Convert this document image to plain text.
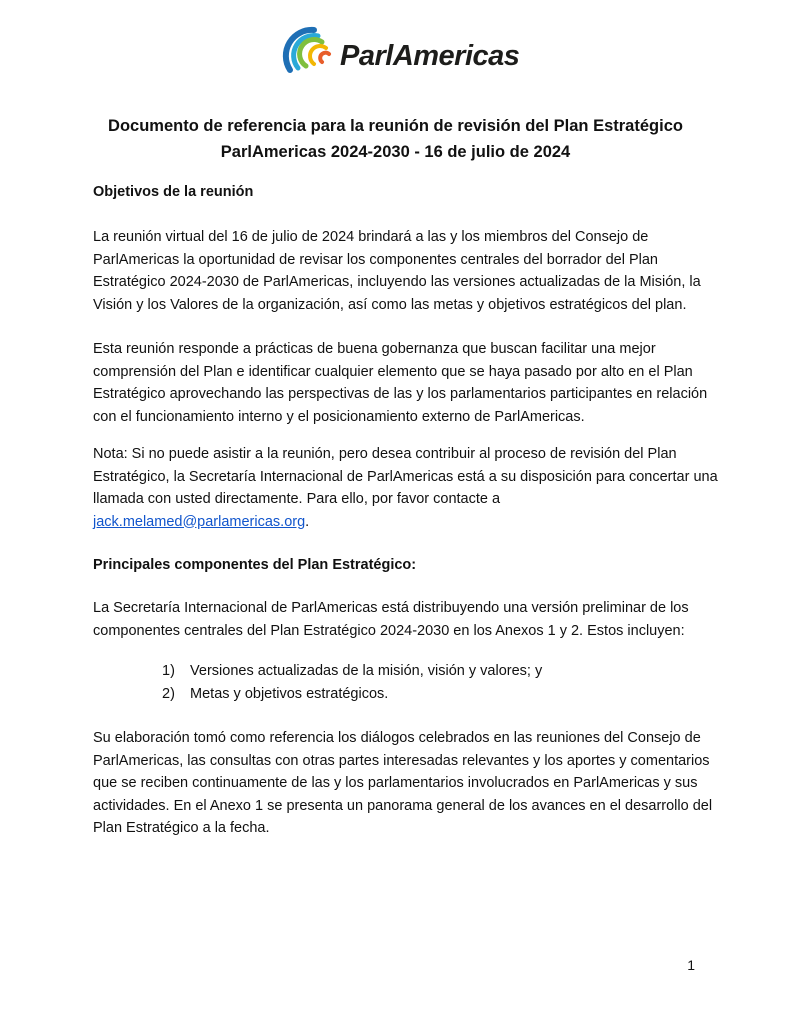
ParlAmericas
Documento de referencia para la reunión de revisión del Plan Estratégico
ParlAmericas 2024-2030 - 16 de julio de 2024
Objetivos de la reunión
La reunión virtual del 16 de julio de 2024 brindará a las y los miembros del Consejo de
ParlAmericas la oportunidad de revisar los componentes centrales del borrador del Plan
Estratégico 2024-2030 de ParlAmericas, incluyendo las versiones actualizadas de la Misión, la
Visión y los Valores de la organización, así como las metas y objetivos estratégicos del plan.
Esta reunión responde a prácticas de buena gobernanza que buscan facilitar una mejor
comprensión del Plan e identificar cualquier elemento que se haya pasado por alto en el Plan
Estratégico aprovechando las perspectivas de las y los parlamentarios participantes en relación
con el funcionamiento interno y el posicionamiento externo de ParlAmericas.
Nota: Si no puede asistir a la reunión, pero desea contribuir al proceso de revisión del Plan
Estratégico, la Secretaría Internacional de ParlAmericas está a su disposición para concertar una
llamada con usted directamente. Para ello, por favor contacte a
jack.melamed@parlamericas.org.
Principales componentes del Plan Estratégico:
La Secretaría Internacional de ParlAmericas está distribuyendo una versión preliminar de los
componentes centrales del Plan Estratégico 2024-2030 en los Anexos 1 y 2. Estos incluyen:
1) Versiones actualizadas de la misión, visión y valores; y
2) Metas y objetivos estratégicos.
Su elaboración tomó como referencia los diálogos celebrados en las reuniones del Consejo de
ParlAmericas, las consultas con otras partes interesadas relevantes y los aportes y comentarios
que se reciben continuamente de las y los parlamentarios involucrados en ParlAmericas y sus
actividades. En el Anexo 1 se presenta un panorama general de los avances en el desarrollo del
Plan Estratégico a la fecha.
1
